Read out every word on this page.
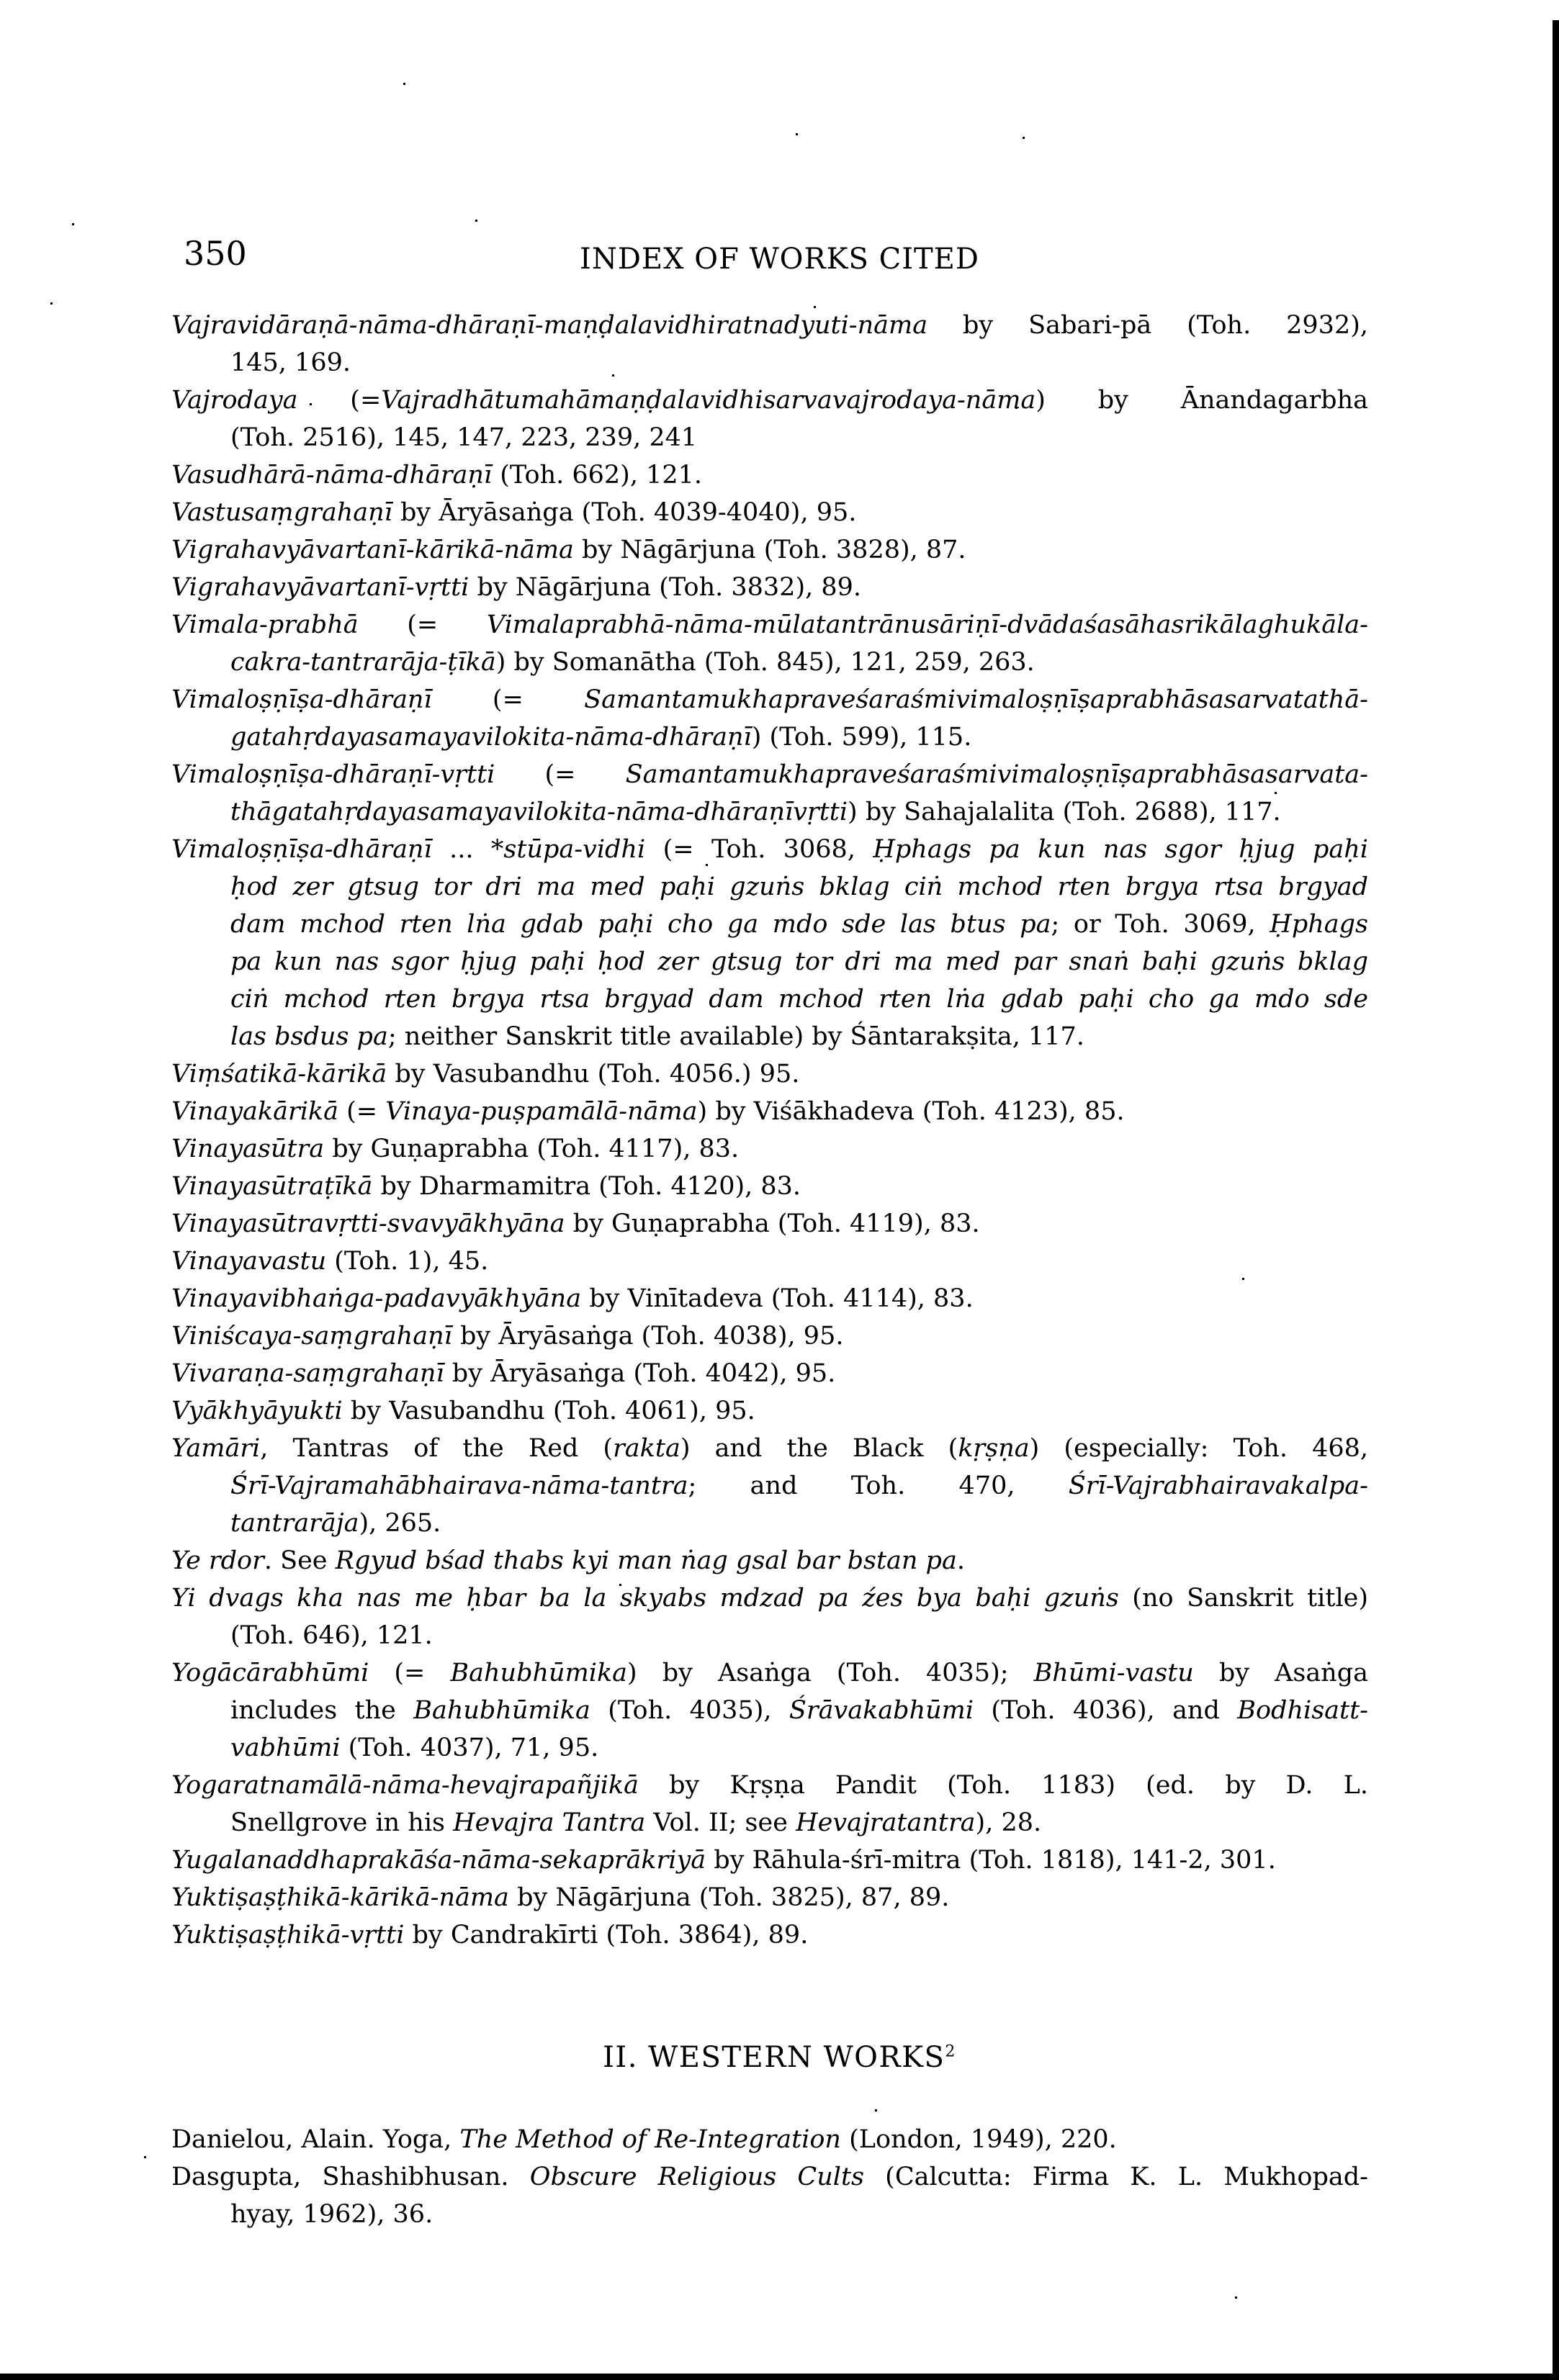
350	INDEX OF WORKS CITED
Vajravidāraṇā-nāma-dhāraṇī-maṇḍalavidhiratnadyuti-nāma by Sabari-pā (Toh. 2932),
145, 169.
Vajrodaya (=Vajradhātumahāmaṇḍalavidhisarvavajrodaya-nāma) by Ānandagarbha
(Toh. 2516), 145, 147, 223, 239, 241
Vasudhārā-nāma-dhāraṇī (Toh. 662), 121.
Vastusaṃgrahaṇī by Āryāsaṅga (Toh. 4039-4040), 95.
Vigrahavyāvartanī-kārikā-nāma by Nāgārjuna (Toh. 3828), 87.
Vigrahavyāvartanī-vṛtti by Nāgārjuna (Toh. 3832), 89.
Vimala-prabhā (= Vimalaprabhā-nāma-mūlatantrānusāriṇī-dvādaśasāhasrikālaghukāla-
cakra-tantrarāja-ṭīkā) by Somanātha (Toh. 845), 121, 259, 263.
Vimaloṣṇīṣa-dhāraṇī (= Samantamukhapraveśaraśmivimaloṣṇīṣaprabhāsasarvatathā-
gatahṛdayasamayavilokita-nāma-dhāraṇī) (Toh. 599), 115.
Vimaloṣṇīṣa-dhāraṇī-vṛtti (= Samantamukhapraveśaraśmivimaloṣṇīṣaprabhāsasarvata-
thāgatahṛdayasamayavilokita-nāma-dhāraṇīvṛtti) by Sahajalalita (Toh. 2688), 117.
Vimaloṣṇīṣa-dhāraṇī ... *stūpa-vidhi (= Toh. 3068, Ḥphags pa kun nas sgor ḥjug paḥi
ḥod zer gtsug tor dri ma med paḥi gzuṅs bklag ciṅ mchod rten brgya rtsa brgyad
dam mchod rten lṅa gdab paḥi cho ga mdo sde las btus pa; or Toh. 3069, Ḥphags
pa kun nas sgor ḥjug paḥi ḥod zer gtsug tor dri ma med par snaṅ baḥi gzuṅs bklag
ciṅ mchod rten brgya rtsa brgyad dam mchod rten lṅa gdab paḥi cho ga mdo sde
las bsdus pa; neither Sanskrit title available) by Śāntarakṣita, 117.
Viṃśatikā-kārikā by Vasubandhu (Toh. 4056.) 95.
Vinayakārikā (= Vinaya-puṣpamālā-nāma) by Viśākhadeva (Toh. 4123), 85.
Vinayasūtra by Guṇaprabha (Toh. 4117), 83.
Vinayasūtraṭīkā by Dharmamitra (Toh. 4120), 83.
Vinayasūtravṛtti-svavyākhyāna by Guṇaprabha (Toh. 4119), 83.
Vinayavastu (Toh. 1), 45.
Vinayavibhaṅga-padavyākhyāna by Vinītadeva (Toh. 4114), 83.
Viniścaya-saṃgrahaṇī by Āryāsaṅga (Toh. 4038), 95.
Vivaraṇa-saṃgrahaṇī by Āryāsaṅga (Toh. 4042), 95.
Vyākhyāyukti by Vasubandhu (Toh. 4061), 95.
Yamāri, Tantras of the Red (rakta) and the Black (kṛṣṇa) (especially: Toh. 468,
Śrī-Vajramahābhairava-nāma-tantra; and Toh. 470, Śrī-Vajrabhairavakalpa-
tantrarāja), 265.
Ye rdor. See Rgyud bśad thabs kyi man ṅag gsal bar bstan pa.
Yi dvags kha nas me ḥbar ba la skyabs mdzad pa źes bya baḥi gzuṅs (no Sanskrit title)
(Toh. 646), 121.
Yogācārabhūmi (= Bahubhūmika) by Asaṅga (Toh. 4035); Bhūmi-vastu by Asaṅga
includes the Bahubhūmika (Toh. 4035), Śrāvakabhūmi (Toh. 4036), and Bodhisatt-
vabhūmi (Toh. 4037), 71, 95.
Yogaratnamālā-nāma-hevajrapañjikā by Kṛṣṇa Pandit (Toh. 1183) (ed. by D. L.
Snellgrove in his Hevajra Tantra Vol. II; see Hevajratantra), 28.
Yugalanaddhaprakāśa-nāma-sekaprākriyā by Rāhula-śrī-mitra (Toh. 1818), 141-2, 301.
Yuktiṣaṣṭhikā-kārikā-nāma by Nāgārjuna (Toh. 3825), 87, 89.
Yuktiṣaṣṭhikā-vṛtti by Candrakīrti (Toh. 3864), 89.
II. WESTERN WORKS$^2$
Danielou, Alain. Yoga, The Method of Re-Integration (London, 1949), 220.
Dasgupta, Shashibhusan. Obscure Religious Cults (Calcutta: Firma K. L. Mukhopad-
hyay, 1962), 36.
